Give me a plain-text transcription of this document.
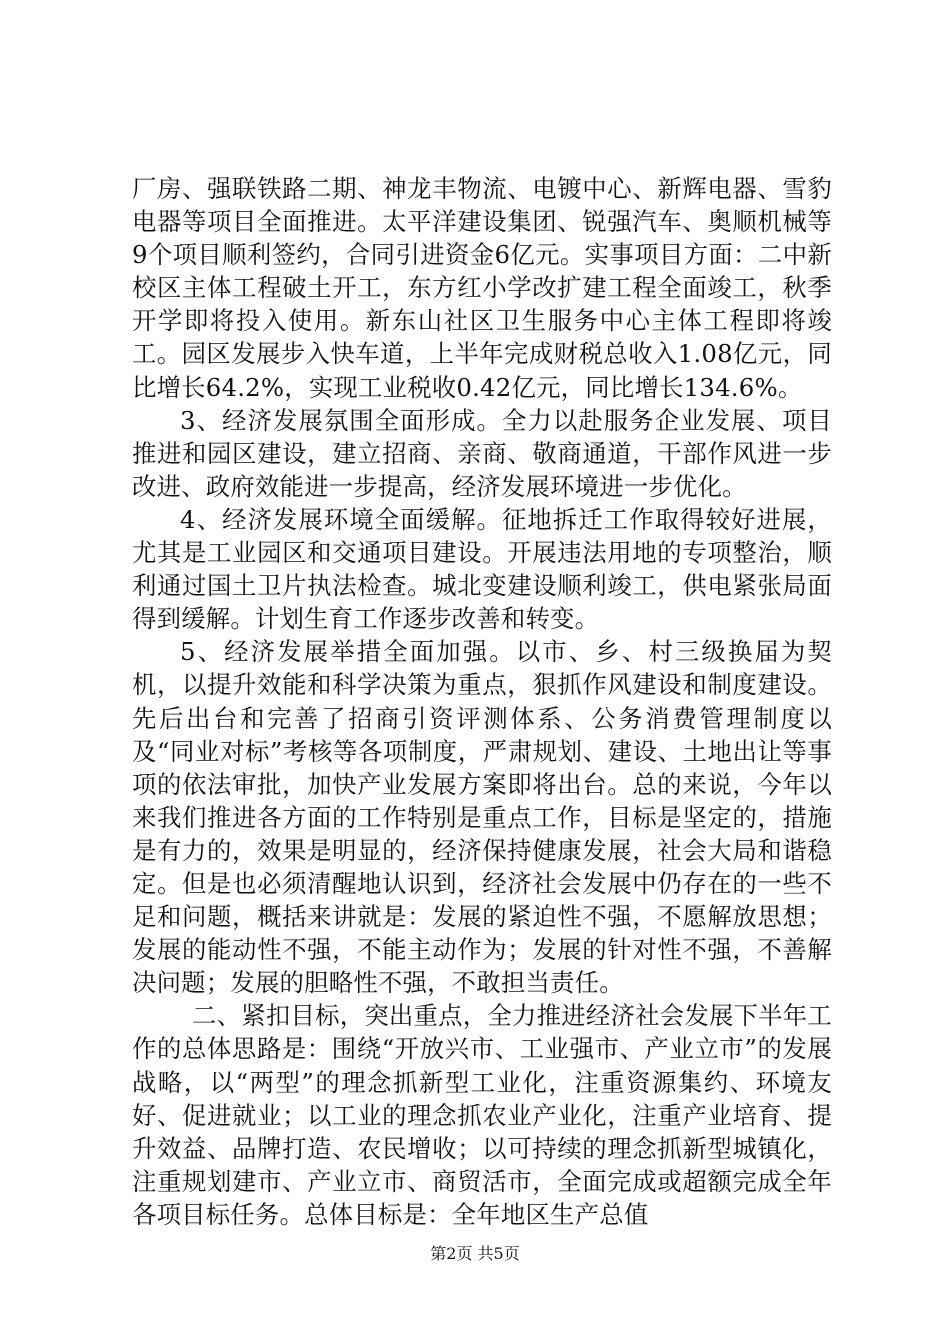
厂房、强联铁路二期、神龙丰物流、电镀中心、新辉电器、雪豹电器等项目全面推进。太平洋建设集团、锐强汽车、奥顺机械等9个项目顺利签约，合同引进资金6亿元。实事项目方面：二中新校区主体工程破土开工，东方红小学改扩建工程全面竣工，秋季开学即将投入使用。新东山社区卫生服务中心主体工程即将竣工。园区发展步入快车道，上半年完成财税总收入1.08亿元，同比增长64.2%，实现工业税收0.42亿元，同比增长134.6%。

3、经济发展氛围全面形成。全力以赴服务企业发展、项目推进和园区建设，建立招商、亲商、敬商通道，干部作风进一步改进、政府效能进一步提高，经济发展环境进一步优化。

4、经济发展环境全面缓解。征地拆迁工作取得较好进展，尤其是工业园区和交通项目建设。开展违法用地的专项整治，顺利通过国土卫片执法检查。城北变建设顺利竣工，供电紧张局面得到缓解。计划生育工作逐步改善和转变。

5、经济发展举措全面加强。以市、乡、村三级换届为契机，以提升效能和科学决策为重点，狠抓作风建设和制度建设。先后出台和完善了招商引资评测体系、公务消费管理制度以及“同业对标”考核等各项制度，严肃规划、建设、土地出让等事项的依法审批，加快产业发展方案即将出台。总的来说，今年以来我们推进各方面的工作特别是重点工作，目标是坚定的，措施是有力的，效果是明显的，经济保持健康发展，社会大局和谐稳定。但是也必须清醒地认识到，经济社会发展中仍存在的一些不足和问题，概括来讲就是：发展的紧迫性不强，不愿解放思想；发展的能动性不强，不能主动作为；发展的针对性不强，不善解决问题；发展的胆略性不强，不敢担当责任。

二、紧扣目标，突出重点，全力推进经济社会发展下半年工作的总体思路是：围绕“开放兴市、工业强市、产业立市”的发展战略，以“两型”的理念抓新型工业化，注重资源集约、环境友好、促进就业；以工业的理念抓农业产业化，注重产业培育、提升效益、品牌打造、农民增收；以可持续的理念抓新型城镇化，注重规划建市、产业立市、商贸活市，全面完成或超额完成全年各项目标任务。总体目标是：全年地区生产总值

第2页 共5页
